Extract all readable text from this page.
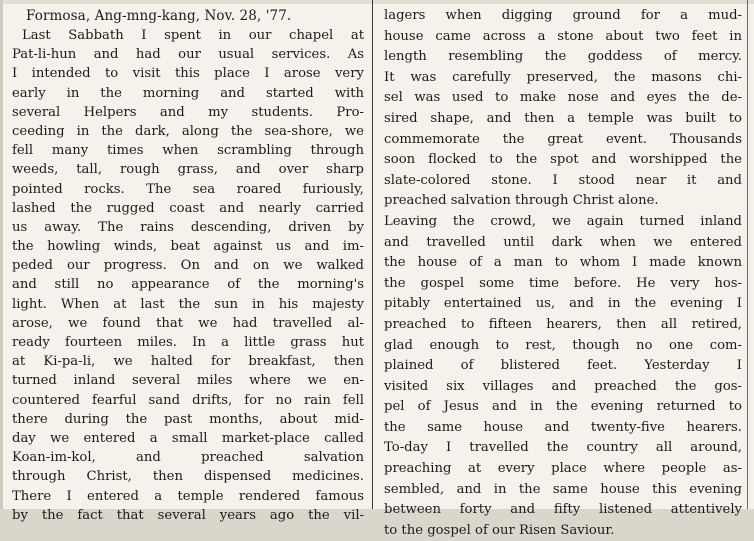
Formosa, Ang-mng-kang, Nov. 28, '77.
Last Sabbath I spent in our chapel at
Pat-li-hun and had our usual services. As
I intended to visit this place I arose very
early in the morning and started with
several Helpers and my students. Pro-
ceeding in the dark, along the sea-shore, we
fell many times when scrambling through
weeds, tall, rough grass, and over sharp
pointed rocks. The sea roared furiously,
lashed the rugged coast and nearly carried
us away. The rains descending, driven by
the howling winds, beat against us and im-
peded our progress. On and on we walked
and still no appearance of the morning's
light. When at last the sun in his majesty
arose, we found that we had travelled al-
ready fourteen miles. In a little grass hut
at Ki-pa-li, we halted for breakfast, then
turned inland several miles where we en-
countered fearful sand drifts, for no rain fell
there during the past months, about mid-
day we entered a small market-place called
Koan-im-kol, and preached salvation
through Christ, then dispensed medicines.
There I entered a temple rendered famous
by the fact that several years ago the vil-
lagers when digging ground for a mud-
house came across a stone about two feet in
length resembling the goddess of mercy.
It was carefully preserved, the masons chi-
sel was used to make nose and eyes the de-
sired shape, and then a temple was built to
commemorate the great event. Thousands
soon flocked to the spot and worshipped the
slate-colored stone. I stood near it and
preached salvation through Christ alone.
Leaving the crowd, we again turned inland
and travelled until dark when we entered
the house of a man to whom I made known
the gospel some time before. He very hos-
pitably entertained us, and in the evening I
preached to fifteen hearers, then all retired,
glad enough to rest, though no one com-
plained of blistered feet. Yesterday I
visited six villages and preached the gos-
pel of Jesus and in the evening returned to
the same house and twenty-five hearers.
To-day I travelled the country all around,
preaching at every place where people as-
sembled, and in the same house this evening
between forty and fifty listened attentively
to the gospel of our Risen Saviour.
